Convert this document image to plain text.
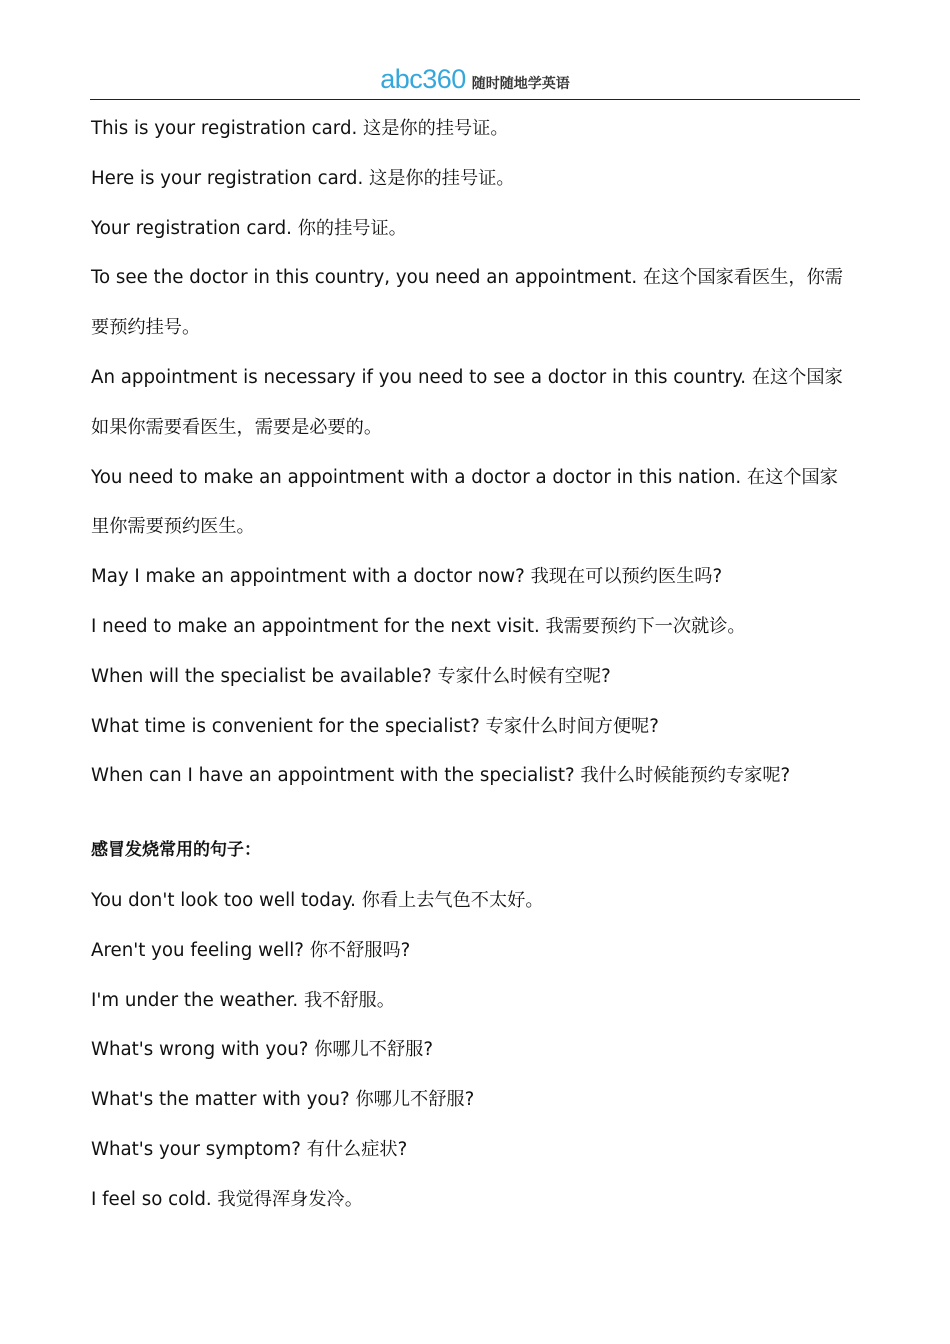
abc360 随时随地学英语
This is your registration card. 这是你的挂号证。
Here is your registration card. 这是你的挂号证。
Your registration card. 你的挂号证。
To see the doctor in this country, you need an appointment. 在这个国家看医生，你需
要预约挂号。
An appointment is necessary if you need to see a doctor in this country. 在这个国家
如果你需要看医生，需要是必要的。
You need to make an appointment with a doctor a doctor in this nation. 在这个国家
里你需要预约医生。
May I make an appointment with a doctor now? 我现在可以预约医生吗?
I need to make an appointment for the next visit. 我需要预约下一次就诊。
When will the specialist be available? 专家什么时候有空呢?
What time is convenient for the specialist? 专家什么时间方便呢?
When can I have an appointment with the specialist? 我什么时候能预约专家呢?
感冒发烧常用的句子：
You don't look too well today. 你看上去气色不太好。
Aren't you feeling well? 你不舒服吗?
I'm under the weather. 我不舒服。
What's wrong with you? 你哪儿不舒服?
What's the matter with you? 你哪儿不舒服?
What's your symptom? 有什么症状?
I feel so cold. 我觉得浑身发冷。
